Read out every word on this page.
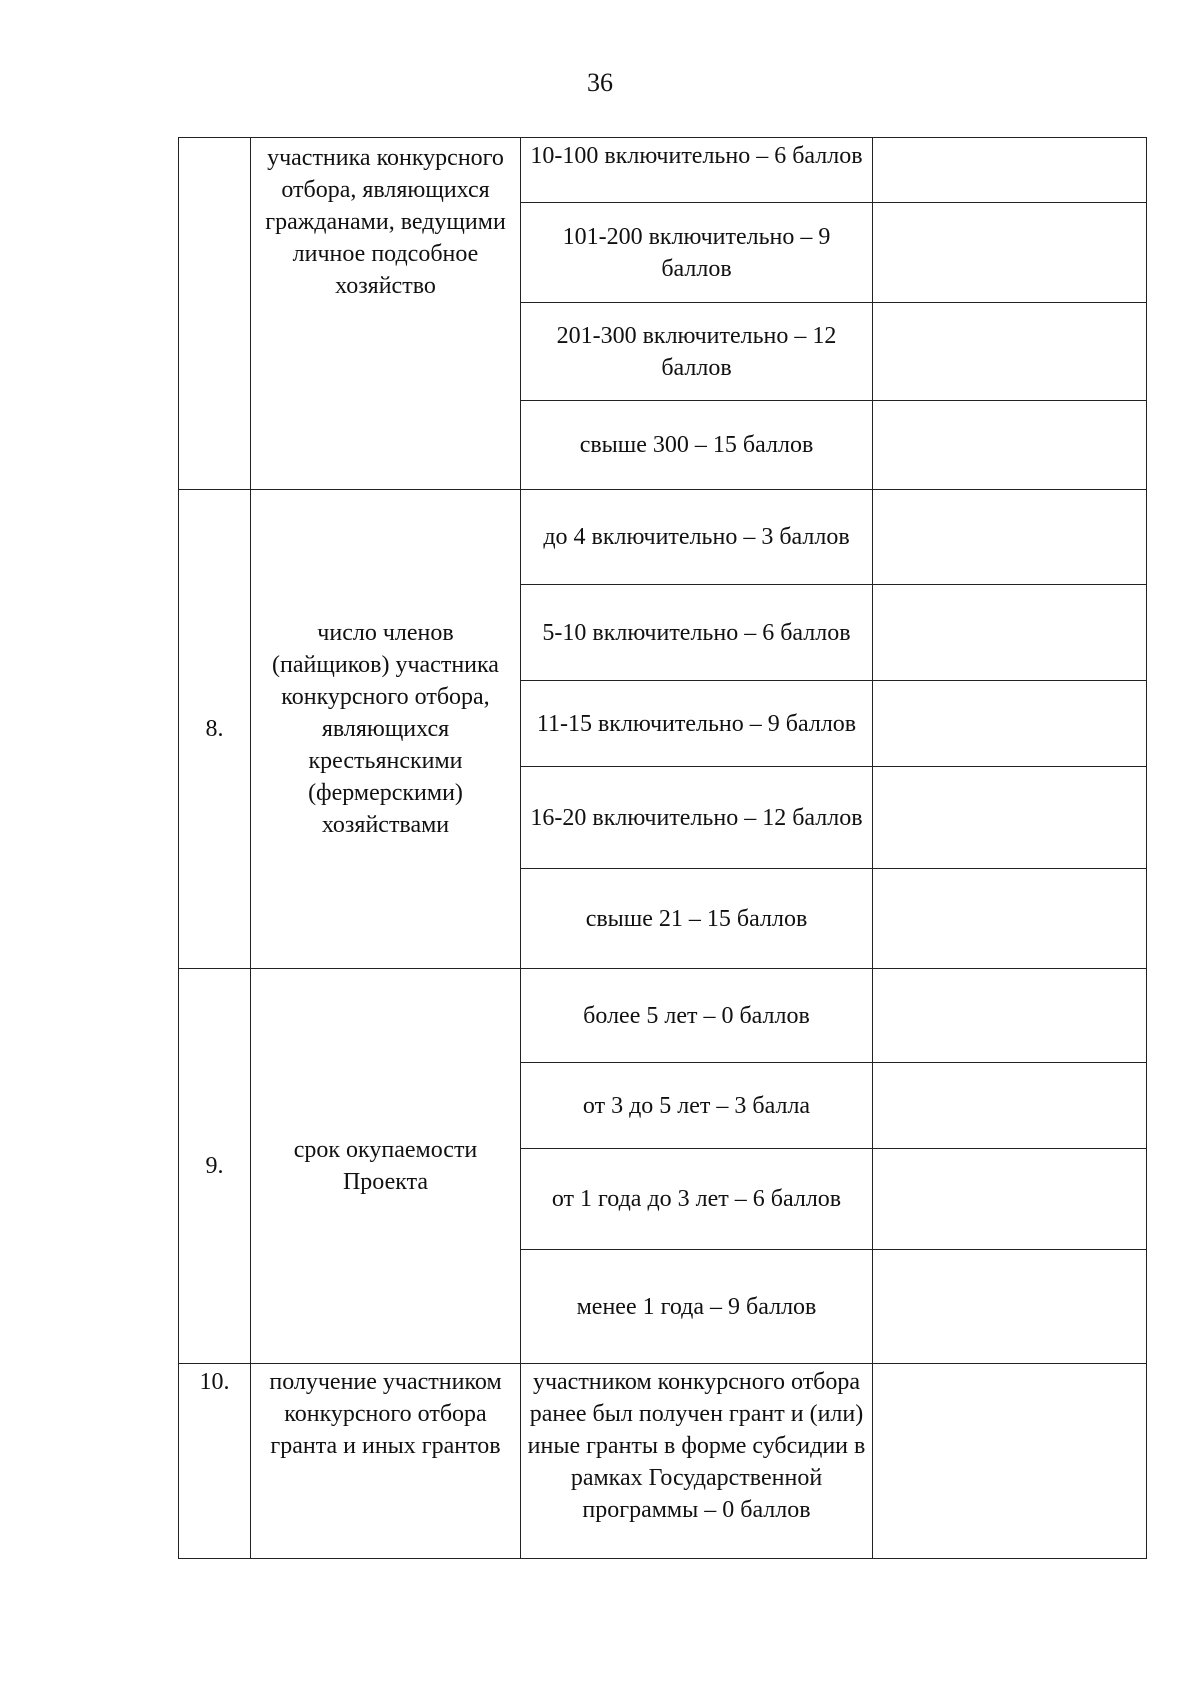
36
	участника конкурсного отбора, являющихся гражданами, ведущими личное подсобное хозяйство	10-100 включительно – 6 баллов	
		101-200 включительно – 9 баллов	
		201-300 включительно – 12 баллов	
		свыше 300 – 15 баллов	
8.	число членов (пайщиков) участника конкурсного отбора, являющихся крестьянскими (фермерскими) хозяйствами	до 4 включительно – 3 баллов	
		5-10 включительно – 6 баллов	
		11-15 включительно – 9 баллов	
		16-20 включительно – 12 баллов	
		свыше 21 – 15 баллов	
9.	срок окупаемости Проекта	более 5 лет – 0 баллов	
		от 3 до 5 лет – 3 балла	
		от 1 года до 3 лет – 6 баллов	
		менее 1 года – 9 баллов	
10.	получение участником конкурсного отбора гранта и иных грантов	участником конкурсного отбора ранее был получен грант и (или) иные гранты в форме субсидии в рамках Государственной программы – 0 баллов	
